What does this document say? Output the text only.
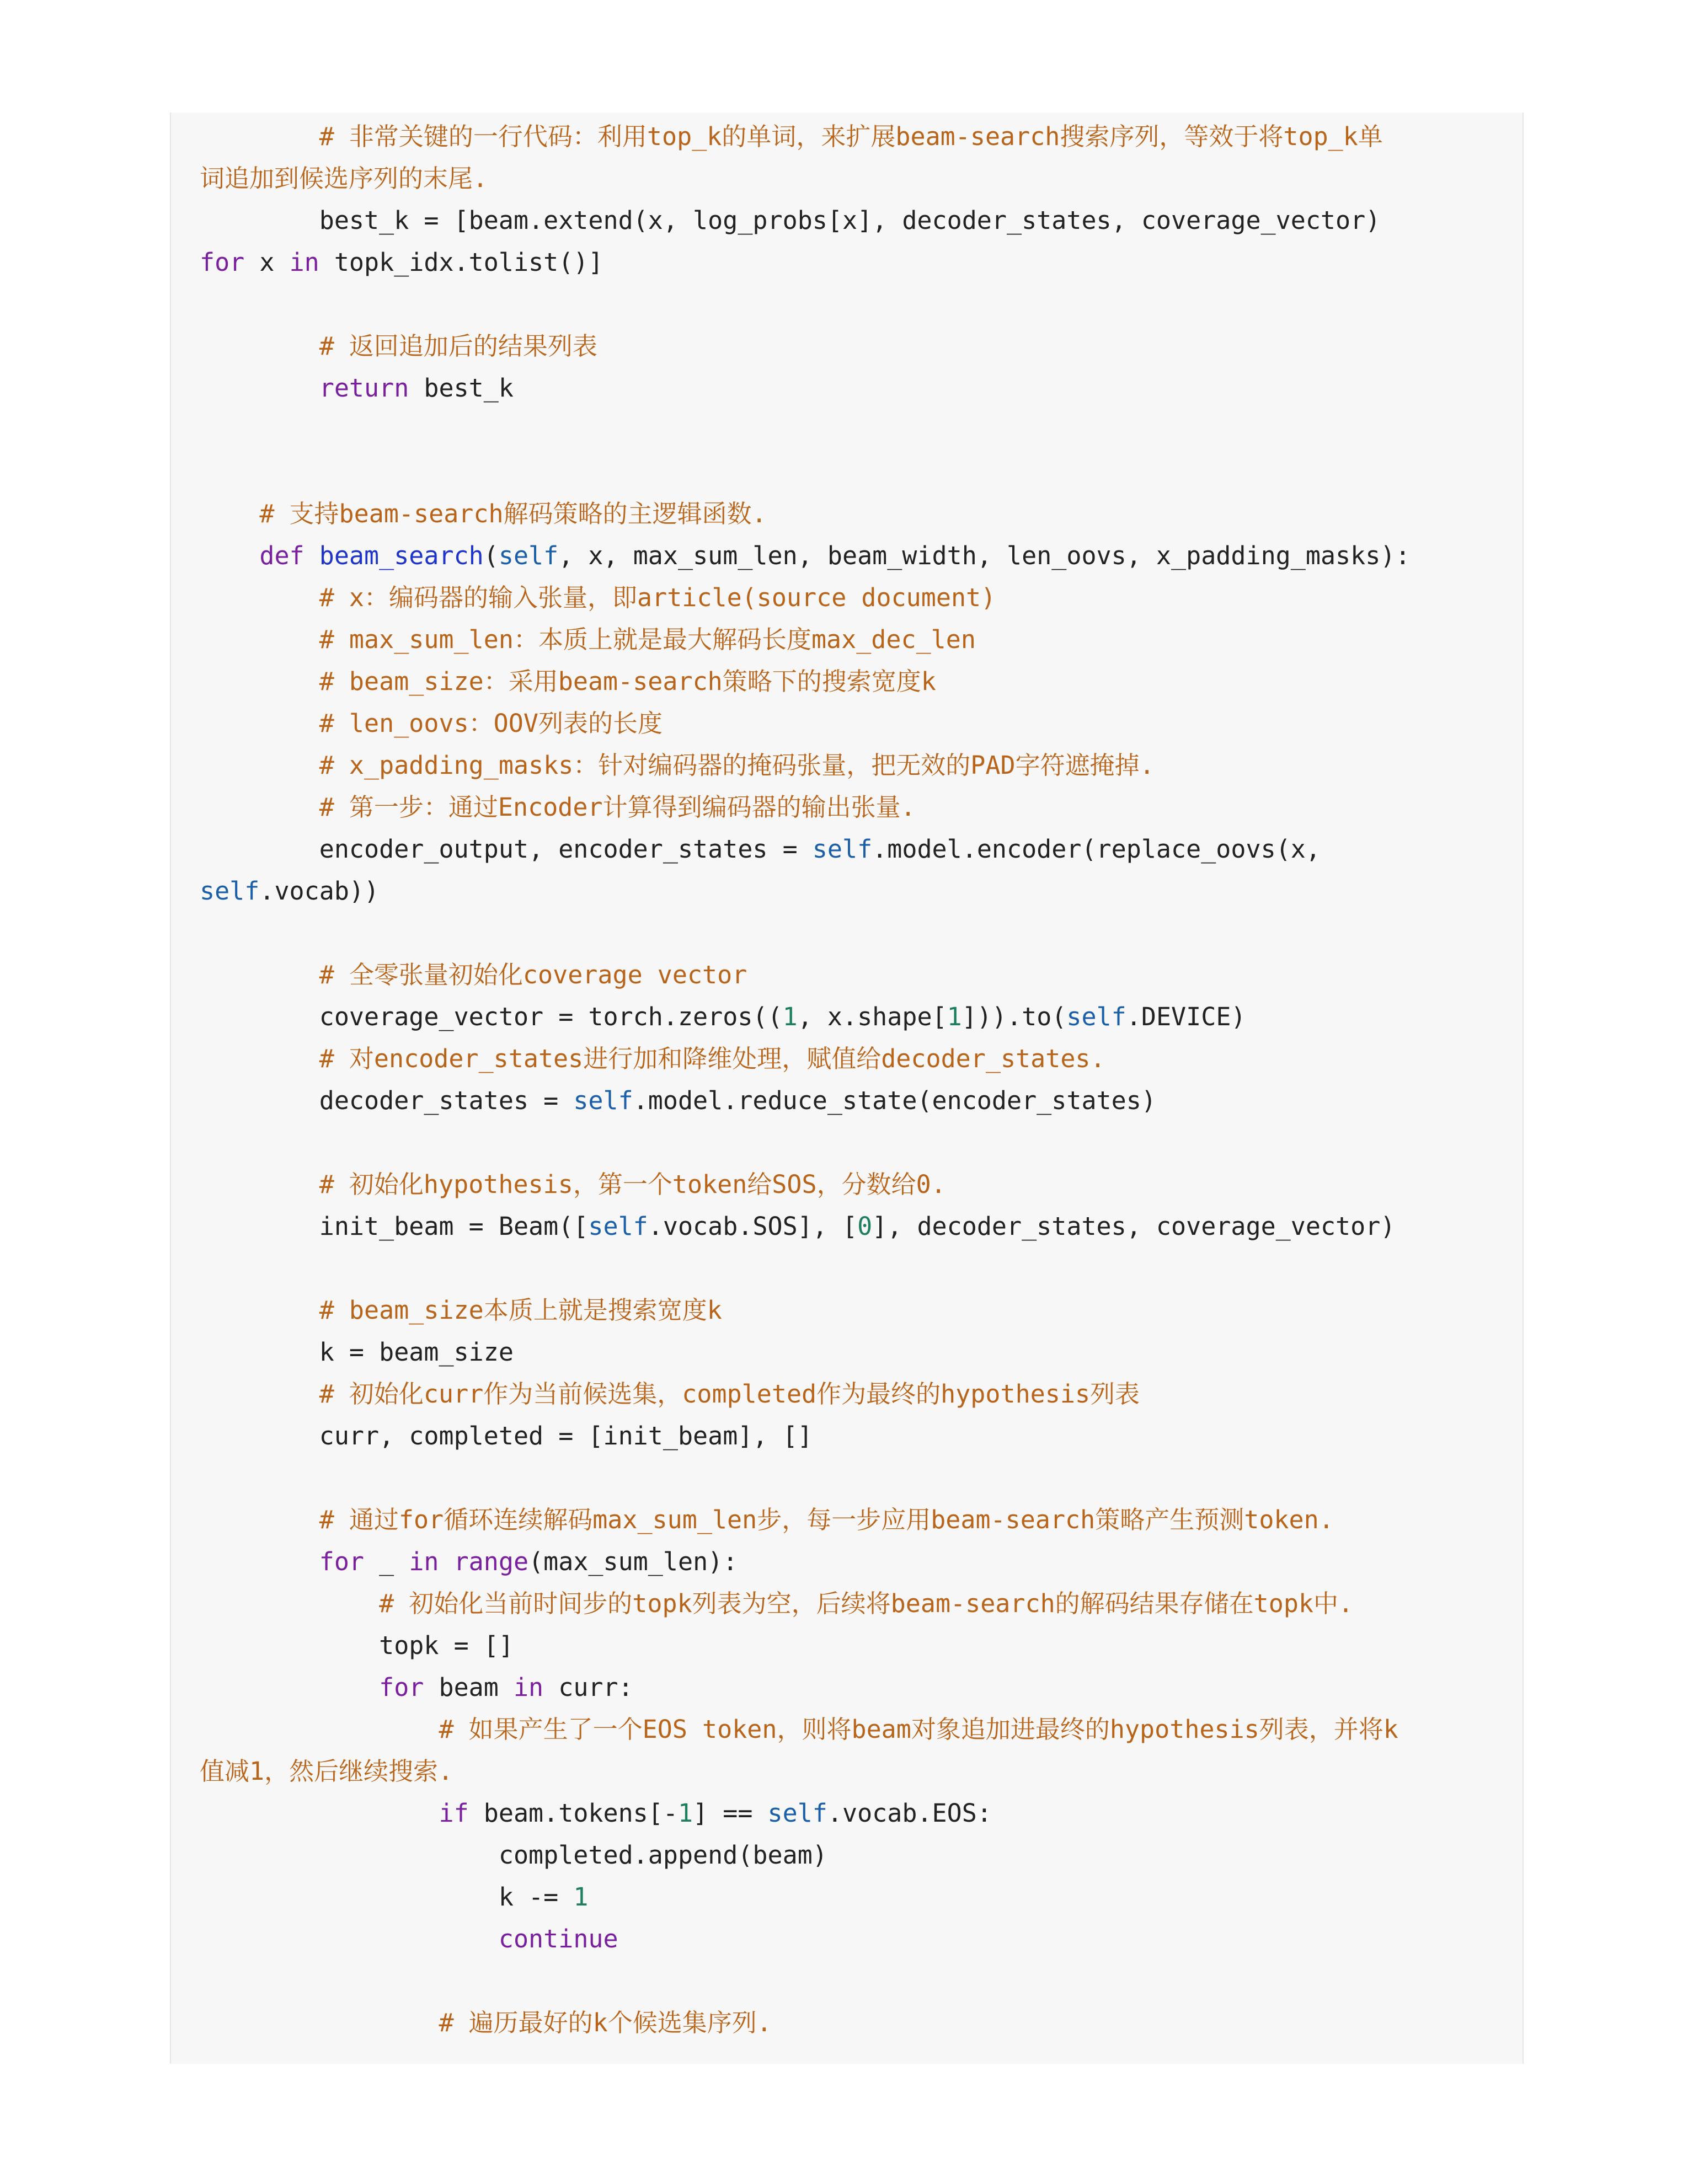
# 非常关键的一行代码：利用top_k的单词，来扩展beam-search搜索序列，等效于将top_k单
词追加到候选序列的末尾.
best_k = [beam.extend(x, log_probs[x], decoder_states, coverage_vector)
for x in topk_idx.tolist()]
# 返回追加后的结果列表
return best_k
# 支持beam-search解码策略的主逻辑函数.
def beam_search(self, x, max_sum_len, beam_width, len_oovs, x_padding_masks):
# x：编码器的输入张量，即article(source document)
# max_sum_len：本质上就是最大解码长度max_dec_len
# beam_size：采用beam-search策略下的搜索宽度k
# len_oovs：OOV列表的长度
# x_padding_masks：针对编码器的掩码张量，把无效的PAD字符遮掩掉.
# 第一步：通过Encoder计算得到编码器的输出张量.
encoder_output, encoder_states = self.model.encoder(replace_oovs(x,
self.vocab))
# 全零张量初始化coverage vector
coverage_vector = torch.zeros((1, x.shape[1])).to(self.DEVICE)
# 对encoder_states进行加和降维处理，赋值给decoder_states.
decoder_states = self.model.reduce_state(encoder_states)
# 初始化hypothesis，第一个token给SOS，分数给0.
init_beam = Beam([self.vocab.SOS], [0], decoder_states, coverage_vector)
# beam_size本质上就是搜索宽度k
k = beam_size
# 初始化curr作为当前候选集，completed作为最终的hypothesis列表
curr, completed = [init_beam], []
# 通过for循环连续解码max_sum_len步，每一步应用beam-search策略产生预测token.
for _ in range(max_sum_len):
# 初始化当前时间步的topk列表为空，后续将beam-search的解码结果存储在topk中.
topk = []
for beam in curr:
# 如果产生了一个EOS token，则将beam对象追加进最终的hypothesis列表，并将k
值减1，然后继续搜索.
if beam.tokens[-1] == self.vocab.EOS:
completed.append(beam)
k -= 1
continue
# 遍历最好的k个候选集序列.
